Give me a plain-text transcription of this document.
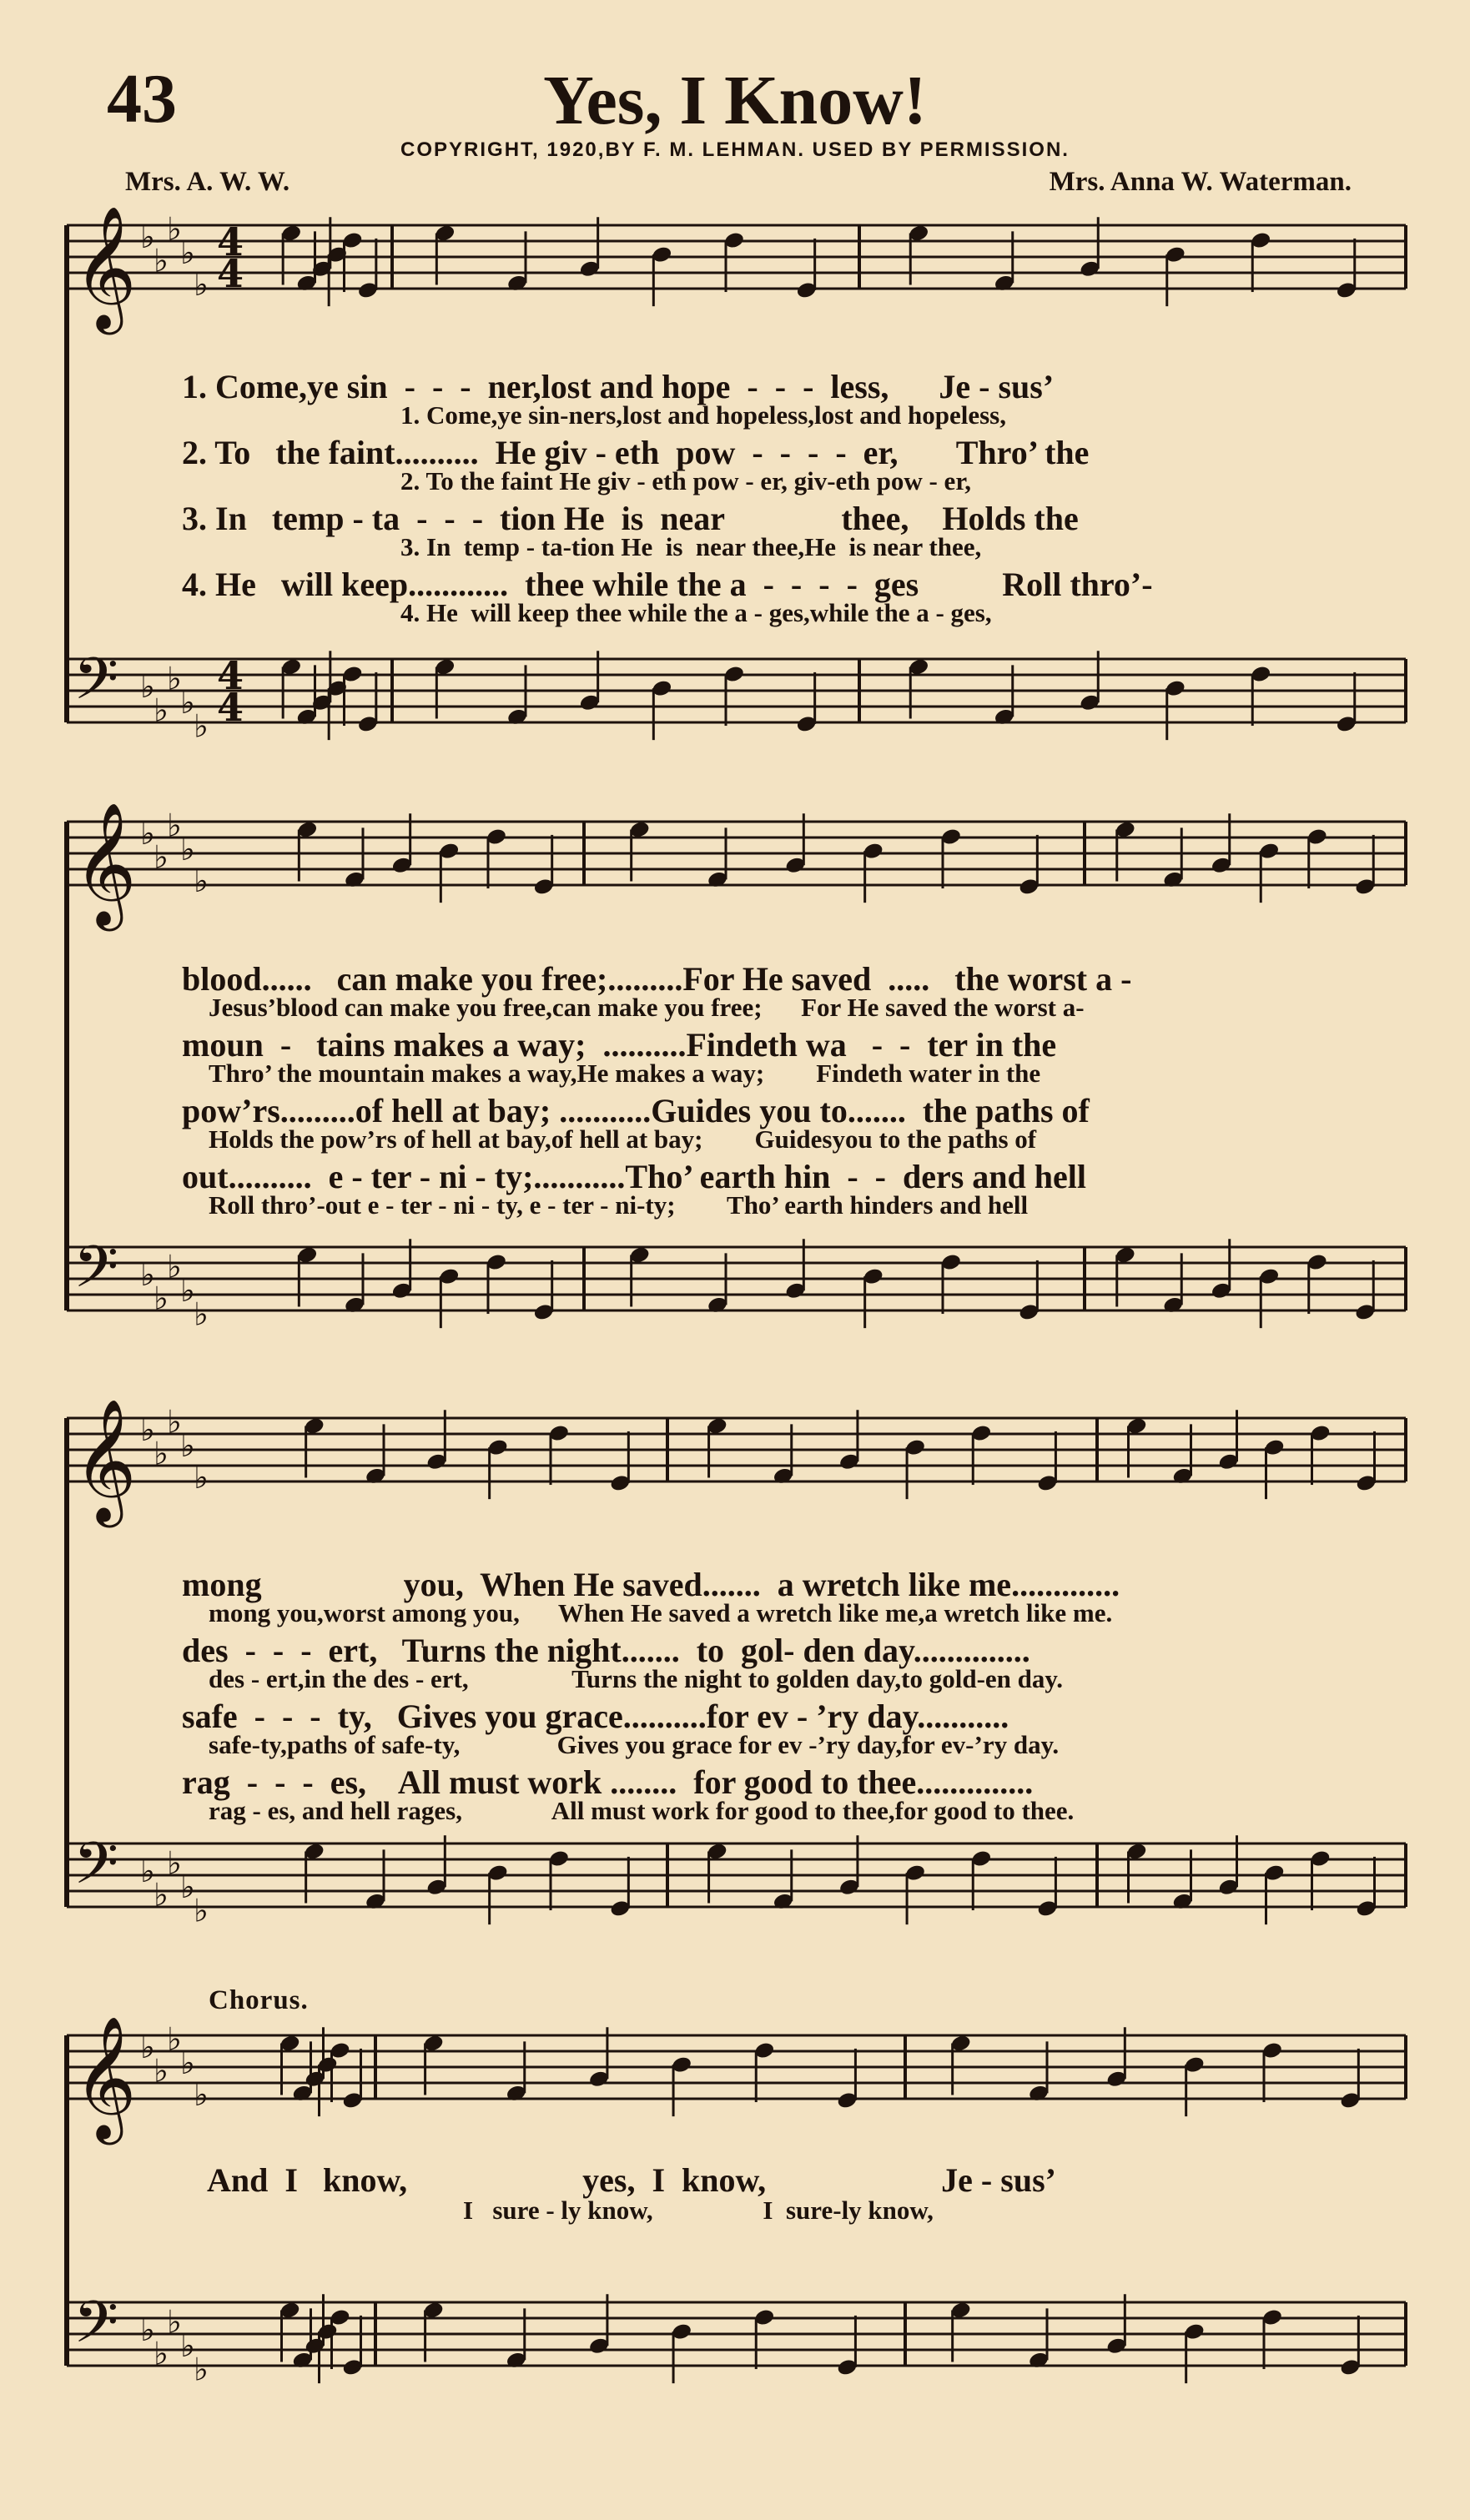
43	Yes, I Know!
COPYRIGHT, 1920,BY F. M. LEHMAN. USED BY PERMISSION.
Mrs. A. W. W.	Mrs. Anna W. Waterman.
Chorus.
𝄞 ♭
♭
♭
♭
♭
4
4
𝄢 ♭
♭
♭
♭
♭
4
4
𝄞 ♭
♭
♭
♭
♭
𝄢 ♭
♭
♭
♭
♭
𝄞 ♭
♭
♭
♭
♭
𝄢 ♭
♭
♭
♭
♭
𝄞 ♭
♭
♭
♭
♭
𝄢 ♭
♭
♭
♭
♭
1. Come,ye sin  -  -  -  ner,lost and hope  -  -  -  less,      Je - sus’
1. Come,ye sin-ners,lost and hopeless,lost and hopeless,
2. To   the faint..........  He giv - eth  pow  -  -  -  -  er,       Thro’ the
2. To the faint He giv - eth pow - er, giv-eth pow - er,
3. In   temp - ta  -  -  -  tion He  is  near              thee,    Holds the
3. In  temp - ta-tion He  is  near thee,He  is near thee,
4. He   will keep............  thee while the a  -  -  -  -  ges          Roll thro’-
4. He  will keep thee while the a - ges,while the a - ges,
blood......   can make you free;.........For He saved  .....   the worst a -
Jesus’blood can make you free,can make you free;      For He saved the worst a-
moun  -   tains makes a way;  ..........Findeth wa   -  -  ter in the
Thro’ the mountain makes a way,He makes a way;        Findeth water in the
pow’rs.........of hell at bay; ...........Guides you to.......  the paths of
Holds the pow’rs of hell at bay,of hell at bay;        Guidesyou to the paths of
out..........  e - ter - ni - ty;...........Tho’ earth hin  -  -  ders and hell
Roll thro’-out e - ter - ni - ty, e - ter - ni-ty;        Tho’ earth hinders and hell
mong                 you,  When He saved.......  a wretch like me.............
mong you,worst among you,      When He saved a wretch like me,a wretch like me.
des  -  -  -  ert,   Turns the night.......  to  gol- den day..............
des - ert,in the des - ert,                Turns the night to golden day,to gold-en day.
safe  -  -  -  ty,   Gives you grace..........for ev - ’ry day...........
safe-ty,paths of safe-ty,               Gives you grace for ev -’ry day,for ev-’ry day.
rag  -  -  -  es,    All must work ........  for good to thee..............
rag - es, and hell rages,              All must work for good to thee,for good to thee.
And  I   know,                     yes,  I  know,                     Je - sus’
I   sure - ly know,                 I  sure-ly know,
